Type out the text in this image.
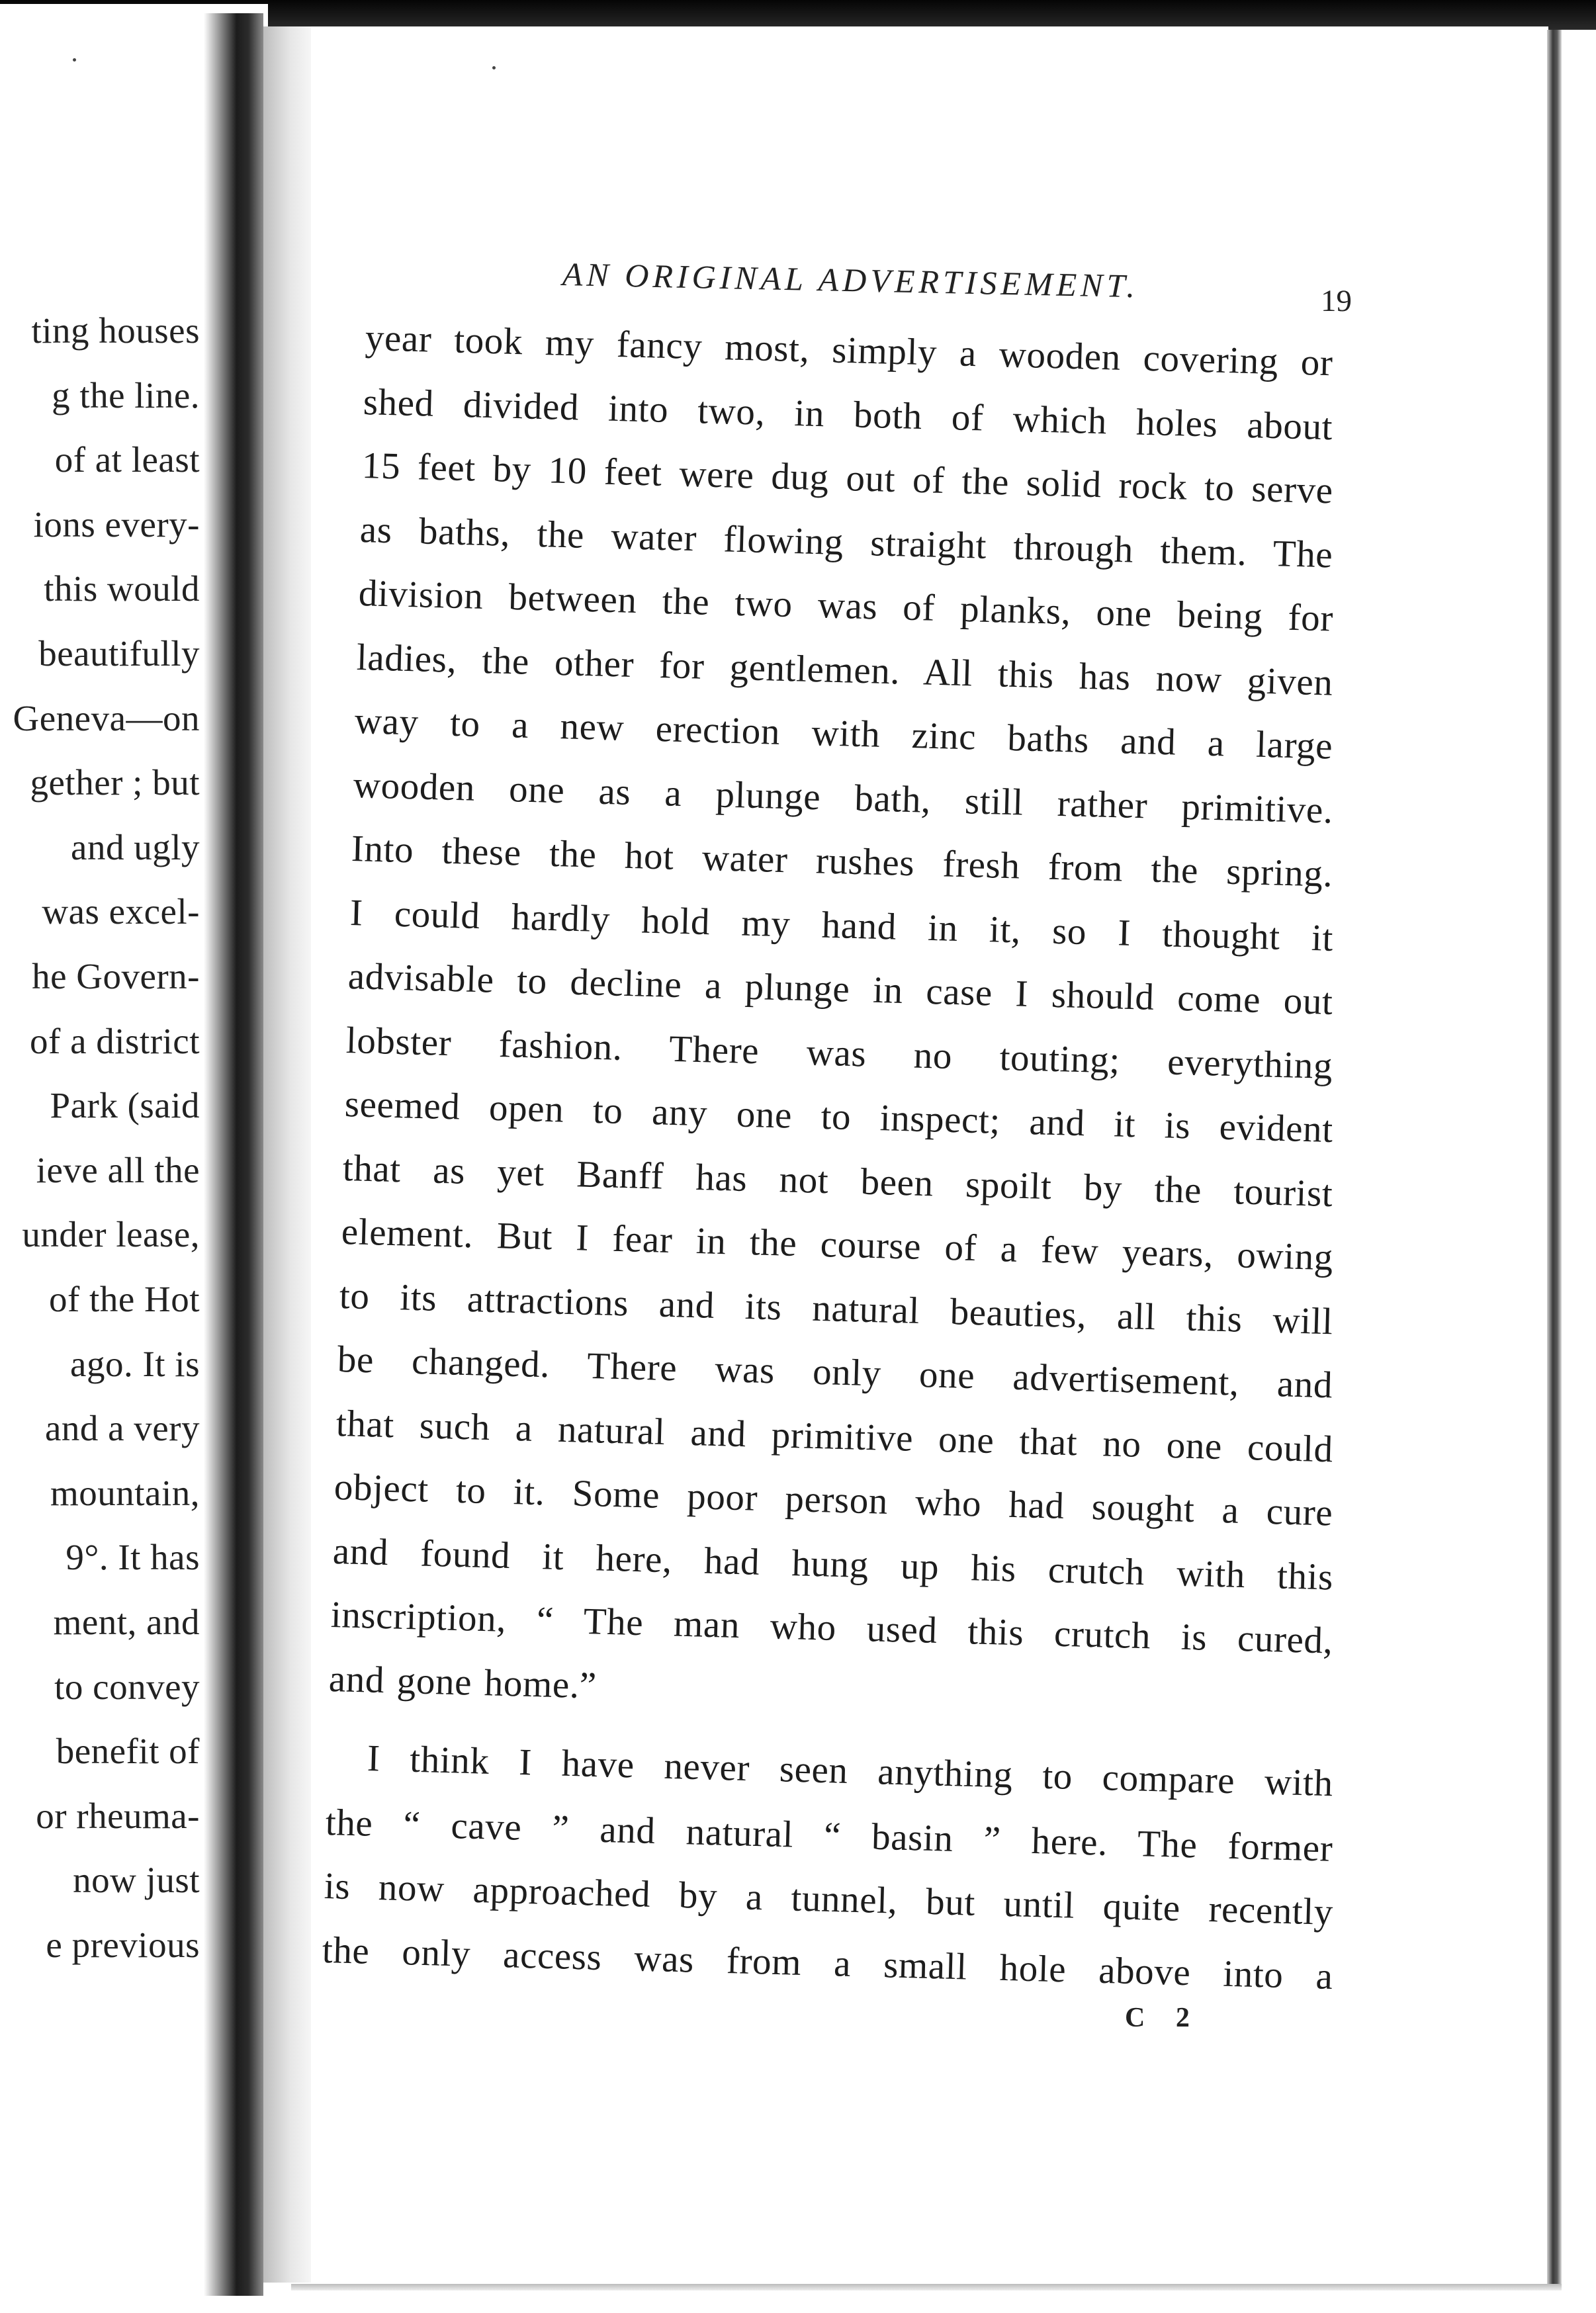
ting houses
g the line.
of at least
ions every-
this would
beautifully
Geneva—on
gether ; but
and ugly
was excel-
he Govern-
of a district
Park (said
ieve all the
under lease,
of the Hot
ago. It is
and a very
mountain,
9°. It has
ment, and
to convey
benefit of
or rheuma-
now just
e previous
AN ORIGINAL ADVERTISEMENT.	19
year took my fancy most, simply a wooden covering or
shed divided into two, in both of which holes about
15 feet by 10 feet were dug out of the solid rock to serve
as baths, the water flowing straight through them. The
division between the two was of planks, one being for
ladies, the other for gentlemen. All this has now given
way to a new erection with zinc baths and a large
wooden one as a plunge bath, still rather primitive.
Into these the hot water rushes fresh from the spring.
I could hardly hold my hand in it, so I thought it
advisable to decline a plunge in case I should come out
lobster fashion. There was no touting; everything
seemed open to any one to inspect; and it is evident
that as yet Banff has not been spoilt by the tourist
element. But I fear in the course of a few years, owing
to its attractions and its natural beauties, all this will
be changed. There was only one advertisement, and
that such a natural and primitive one that no one could
object to it. Some poor person who had sought a cure
and found it here, had hung up his crutch with this
inscription, “ The man who used this crutch is cured,
and gone home.”
I think I have never seen anything to compare with
the “ cave ” and natural “ basin ” here. The former
is now approached by a tunnel, but until quite recently
the only access was from a small hole above into a
C 2
